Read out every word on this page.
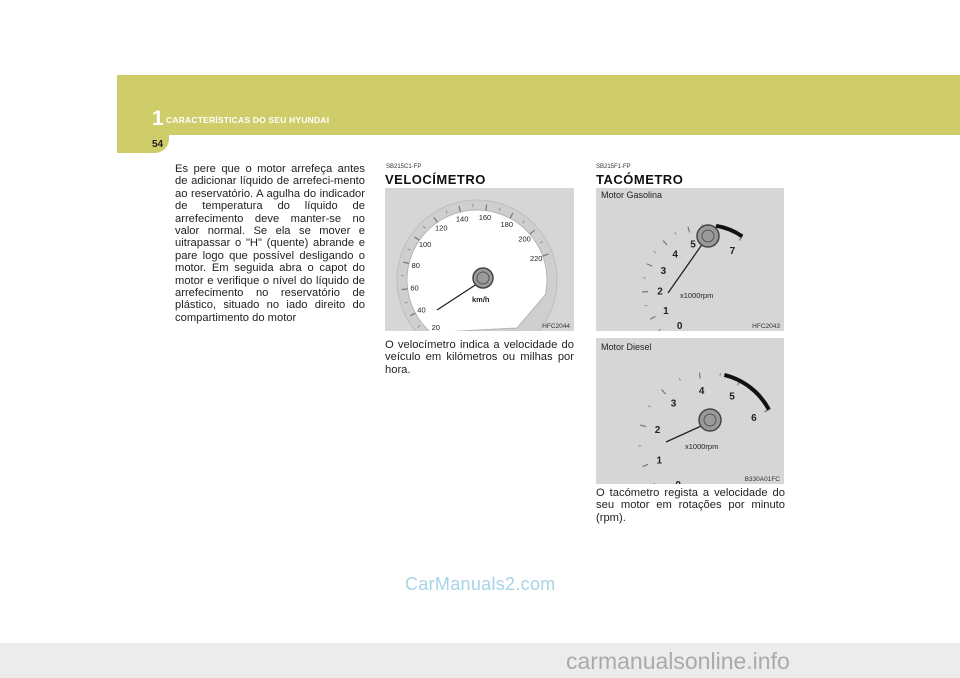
1 CARACTERÍSTICAS DO SEU HYUNDAI
54
Es pere que o motor arrefeça antes de adicionar líquido de arrefeci-mento ao reservatório. A agulha do indicador de temperatura do líquido de arrefecimento deve manter-se no valor normal. Se ela se mover e uitrapassar o "H" (quente) abrande e pare logo que possível desligando o motor. Em seguida abra o capot do motor e verifique o nível do líquido de arrefecimento no reservatório de plástico, situado no iado direito do compartimento do motor
SB215C1-FP
VELOCÍMETRO
20
40
60
80
100
120
140 160
180
200
220
km/h
HFC2044
O velocímetro indica a velocidade do veículo em kilómetros ou milhas por hora.
SB215F1-FP
TACÓMETRO
Motor Gasolina
0
1
2
3
4
5
7
x1000rpm
HFC2043
Motor Diesel
1
2
3
4 5
6
x1000rpm
B330A01FC
O tacómetro regista a velocidade do seu motor em rotações por minuto (rpm).
CarManuals2.com
carmanualsonline.info
